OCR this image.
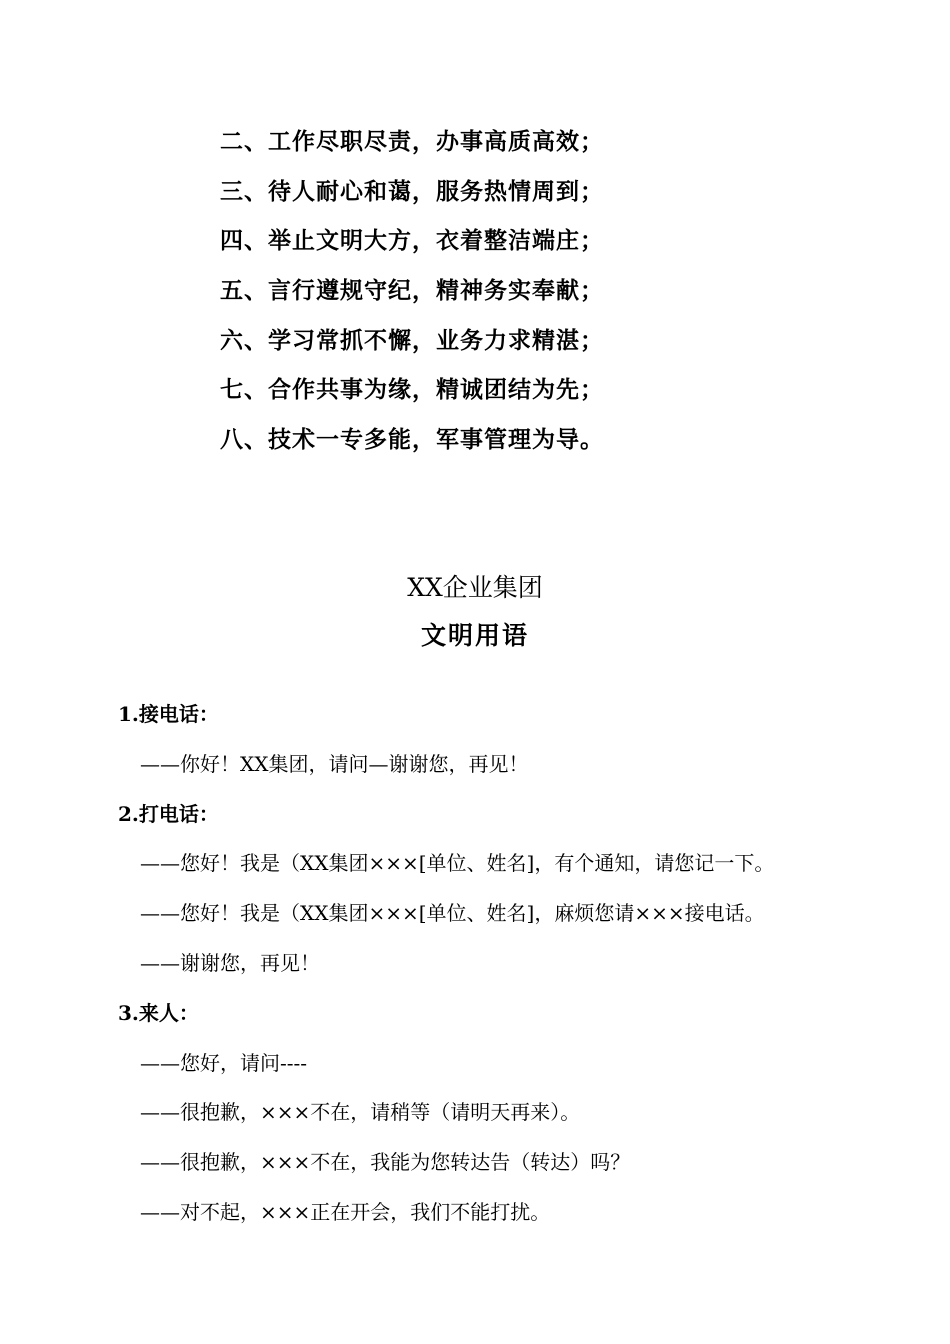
二、工作尽职尽责，办事高质高效；
三、待人耐心和蔼，服务热情周到；
四、举止文明大方，衣着整洁端庄；
五、言行遵规守纪，精神务实奉献；
六、学习常抓不懈，业务力求精湛；
七、合作共事为缘，精诚团结为先；
八、技术一专多能，军事管理为导。
XX企业集团
文明用语
1.接电话：
——你好！XX集团，请问—谢谢您，再见！
2.打电话：
——您好！我是（XX集团×××[单位、姓名]，有个通知，请您记一下。
——您好！我是（XX集团×××[单位、姓名]，麻烦您请×××接电话。
——谢谢您，再见！
3.来人：
——您好，请问----
——很抱歉，×××不在，请稍等（请明天再来）。
——很抱歉，×××不在，我能为您转达告（转达）吗？
——对不起，×××正在开会，我们不能打扰。
